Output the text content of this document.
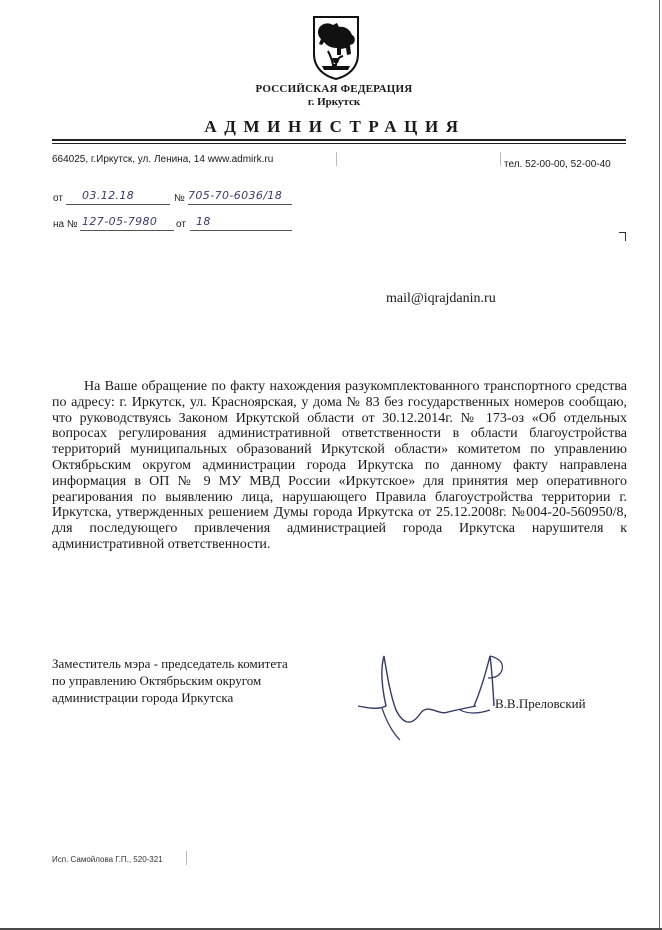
РОССИЙСКАЯ ФЕДЕРАЦИЯ
г. Иркутск
АДМИНИСТРАЦИЯ
664025, г.Иркутск, ул. Ленина, 14 www.admirk.ru	тел. 52-00-00, 52-00-40
от 03.12.18	№ 705-70-6036/18
на № 127-05-7980 от 18
mail@iqrajdanin.ru

На Ваше обращение по факту нахождения разукомплектованного транспортного средства по адресу: г. Иркутск, ул. Красноярская, у дома № 83 без государственных номеров сообщаю, что руководствуясь Законом Иркутской области от 30.12.2014г. № 173-оз «Об отдельных вопросах регулирования административной ответственности в области благоустройства территорий муниципальных образований Иркутской области» комитетом по управлению Октябрьским округом администрации города Иркутска по данному факту направлена информация в ОП № 9 МУ МВД России «Иркутское» для принятия мер оперативного реагирования по выявлению лица, нарушающего Правила благоустройства территории г. Иркутска, утвержденных решением Думы города Иркутска от 25.12.2008г. №004-20-560950/8, для последующего привлечения администрацией города Иркутска нарушителя к административной ответственности.

Заместитель мэра - председатель комитета
по управлению Октябрьским округом
администрации города Иркутска	В.В.Преловский
Исп. Самойлова Г.П., 520-321
